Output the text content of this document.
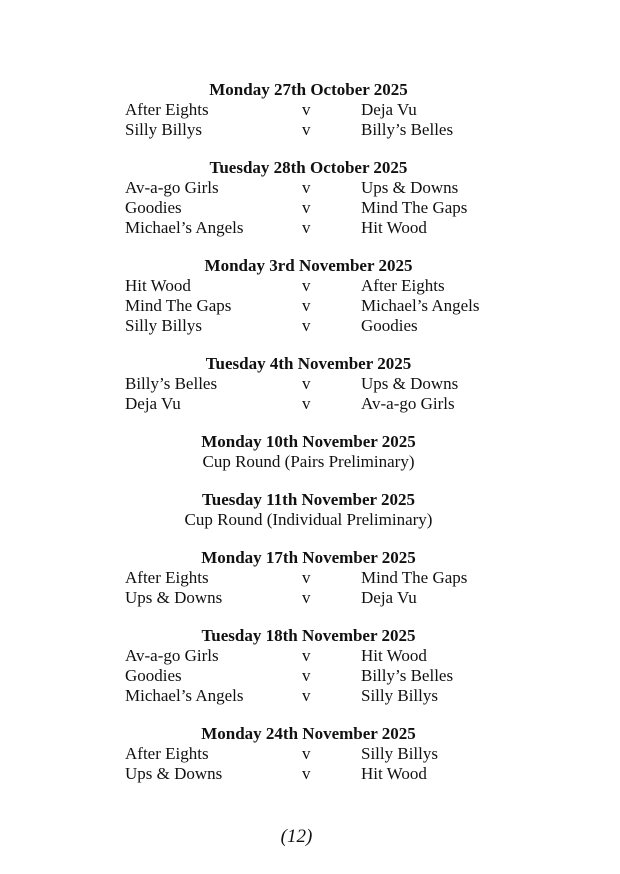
Monday 27th October 2025
After Eights	v	Deja Vu
Silly Billys	v	Billy’s Belles
Tuesday 28th October 2025
Av-a-go Girls	v	Ups & Downs
Goodies	v	Mind The Gaps
Michael’s Angels	v	Hit Wood
Monday 3rd November 2025
Hit Wood	v	After Eights
Mind The Gaps	v	Michael’s Angels
Silly Billys	v	Goodies
Tuesday 4th November 2025
Billy’s Belles	v	Ups & Downs
Deja Vu	v	Av-a-go Girls
Monday 10th November 2025
Cup Round (Pairs Preliminary)
Tuesday 11th November 2025
Cup Round (Individual Preliminary)
Monday 17th November 2025
After Eights	v	Mind The Gaps
Ups & Downs	v	Deja Vu
Tuesday 18th November 2025
Av-a-go Girls	v	Hit Wood
Goodies	v	Billy’s Belles
Michael’s Angels	v	Silly Billys
Monday 24th November 2025
After Eights	v	Silly Billys
Ups & Downs	v	Hit Wood
(12)
